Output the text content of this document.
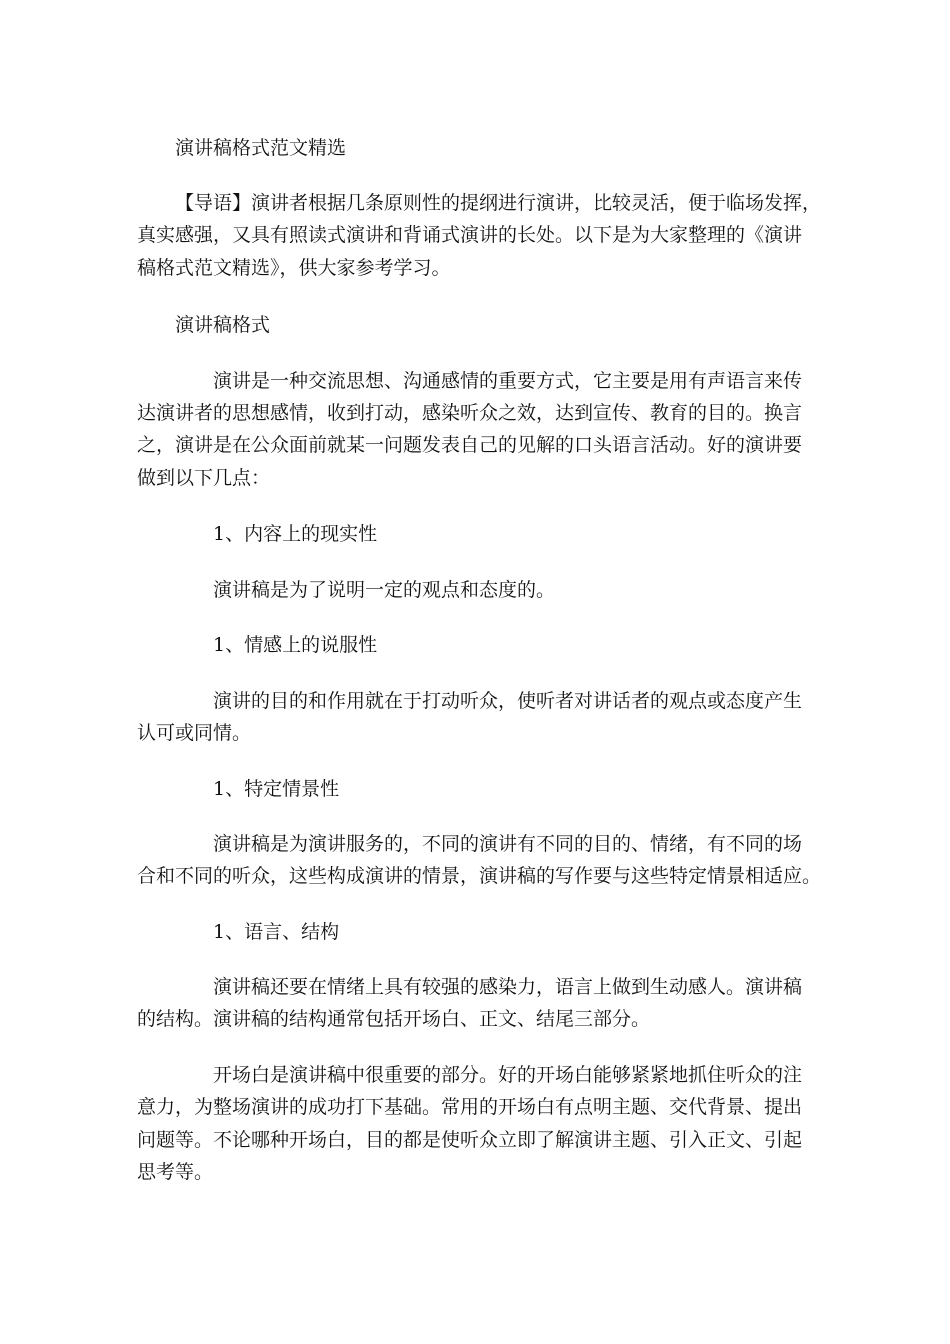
演讲稿格式范文精选

【导语】演讲者根据几条原则性的提纲进行演讲，比较灵活，便于临场发挥，

真实感强，又具有照读式演讲和背诵式演讲的长处。以下是为大家整理的《演讲

稿格式范文精选》，供大家参考学习。

演讲稿格式

演讲是一种交流思想、沟通感情的重要方式，它主要是用有声语言来传

达演讲者的思想感情，收到打动，感染听众之效，达到宣传、教育的目的。换言

之，演讲是在公众面前就某一问题发表自己的见解的口头语言活动。好的演讲要

做到以下几点：

1、内容上的现实性

演讲稿是为了说明一定的观点和态度的。

1、情感上的说服性

演讲的目的和作用就在于打动听众，使听者对讲话者的观点或态度产生

认可或同情。

1、特定情景性

演讲稿是为演讲服务的，不同的演讲有不同的目的、情绪，有不同的场

合和不同的听众，这些构成演讲的情景，演讲稿的写作要与这些特定情景相适应。

1、语言、结构

演讲稿还要在情绪上具有较强的感染力，语言上做到生动感人。演讲稿

的结构。演讲稿的结构通常包括开场白、正文、结尾三部分。

开场白是演讲稿中很重要的部分。好的开场白能够紧紧地抓住听众的注

意力，为整场演讲的成功打下基础。常用的开场白有点明主题、交代背景、提出

问题等。不论哪种开场白，目的都是使听众立即了解演讲主题、引入正文、引起

思考等。
